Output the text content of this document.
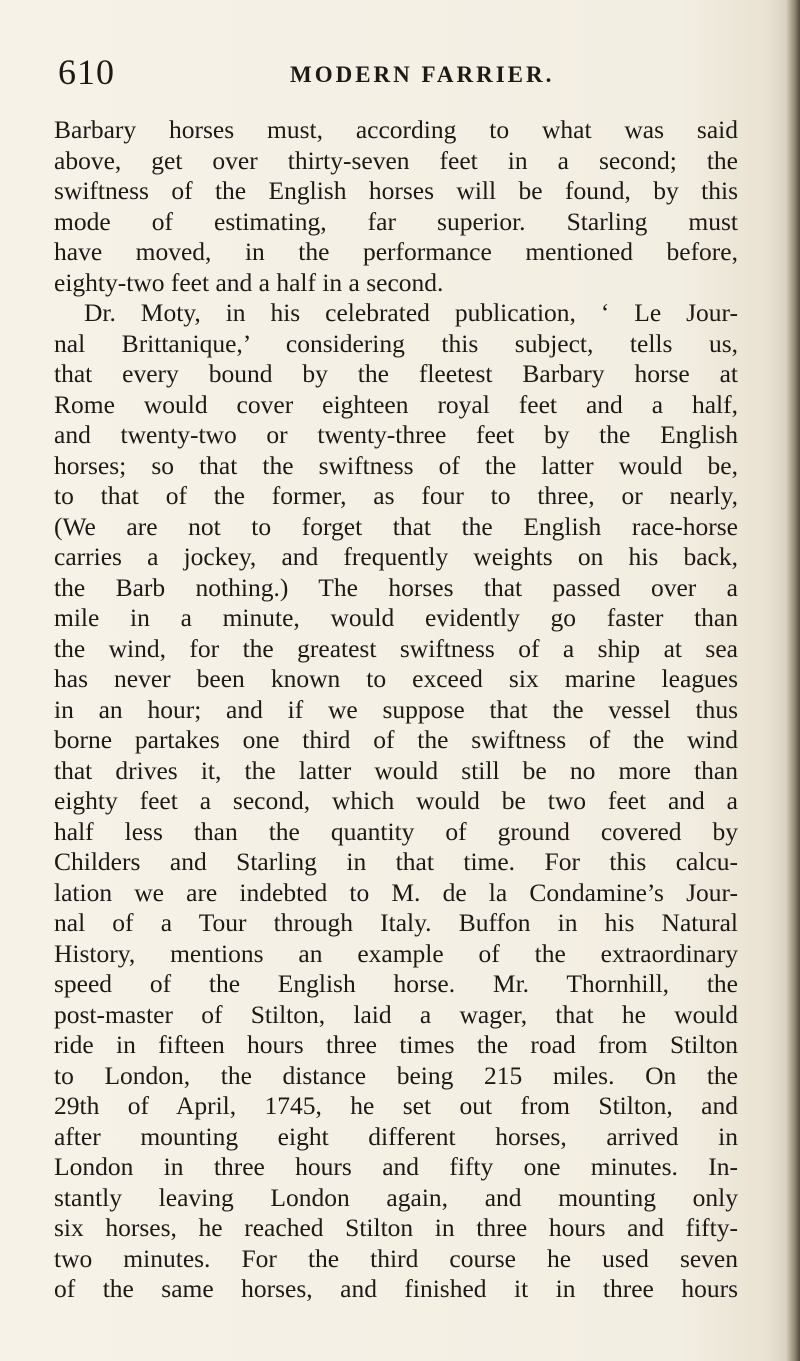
610	MODERN FARRIER.
Barbary horses must, according to what was said
above, get over thirty-seven feet in a second; the
swiftness of the English horses will be found, by this
mode of estimating, far superior. Starling must
have moved, in the performance mentioned before,
eighty-two feet and a half in a second.
Dr. Moty, in his celebrated publication, ‘ Le Jour-
nal Brittanique,’ considering this subject, tells us,
that every bound by the fleetest Barbary horse at
Rome would cover eighteen royal feet and a half,
and twenty-two or twenty-three feet by the English
horses; so that the swiftness of the latter would be,
to that of the former, as four to three, or nearly,
(We are not to forget that the English race-horse
carries a jockey, and frequently weights on his back,
the Barb nothing.) The horses that passed over a
mile in a minute, would evidently go faster than
the wind, for the greatest swiftness of a ship at sea
has never been known to exceed six marine leagues
in an hour; and if we suppose that the vessel thus
borne partakes one third of the swiftness of the wind
that drives it, the latter would still be no more than
eighty feet a second, which would be two feet and a
half less than the quantity of ground covered by
Childers and Starling in that time. For this calcu-
lation we are indebted to M. de la Condamine’s Jour-
nal of a Tour through Italy. Buffon in his Natural
History, mentions an example of the extraordinary
speed of the English horse. Mr. Thornhill, the
post-master of Stilton, laid a wager, that he would
ride in fifteen hours three times the road from Stilton
to London, the distance being 215 miles. On the
29th of April, 1745, he set out from Stilton, and
after mounting eight different horses, arrived in
London in three hours and fifty one minutes. In-
stantly leaving London again, and mounting only
six horses, he reached Stilton in three hours and fifty-
two minutes. For the third course he used seven
of the same horses, and finished it in three hours
